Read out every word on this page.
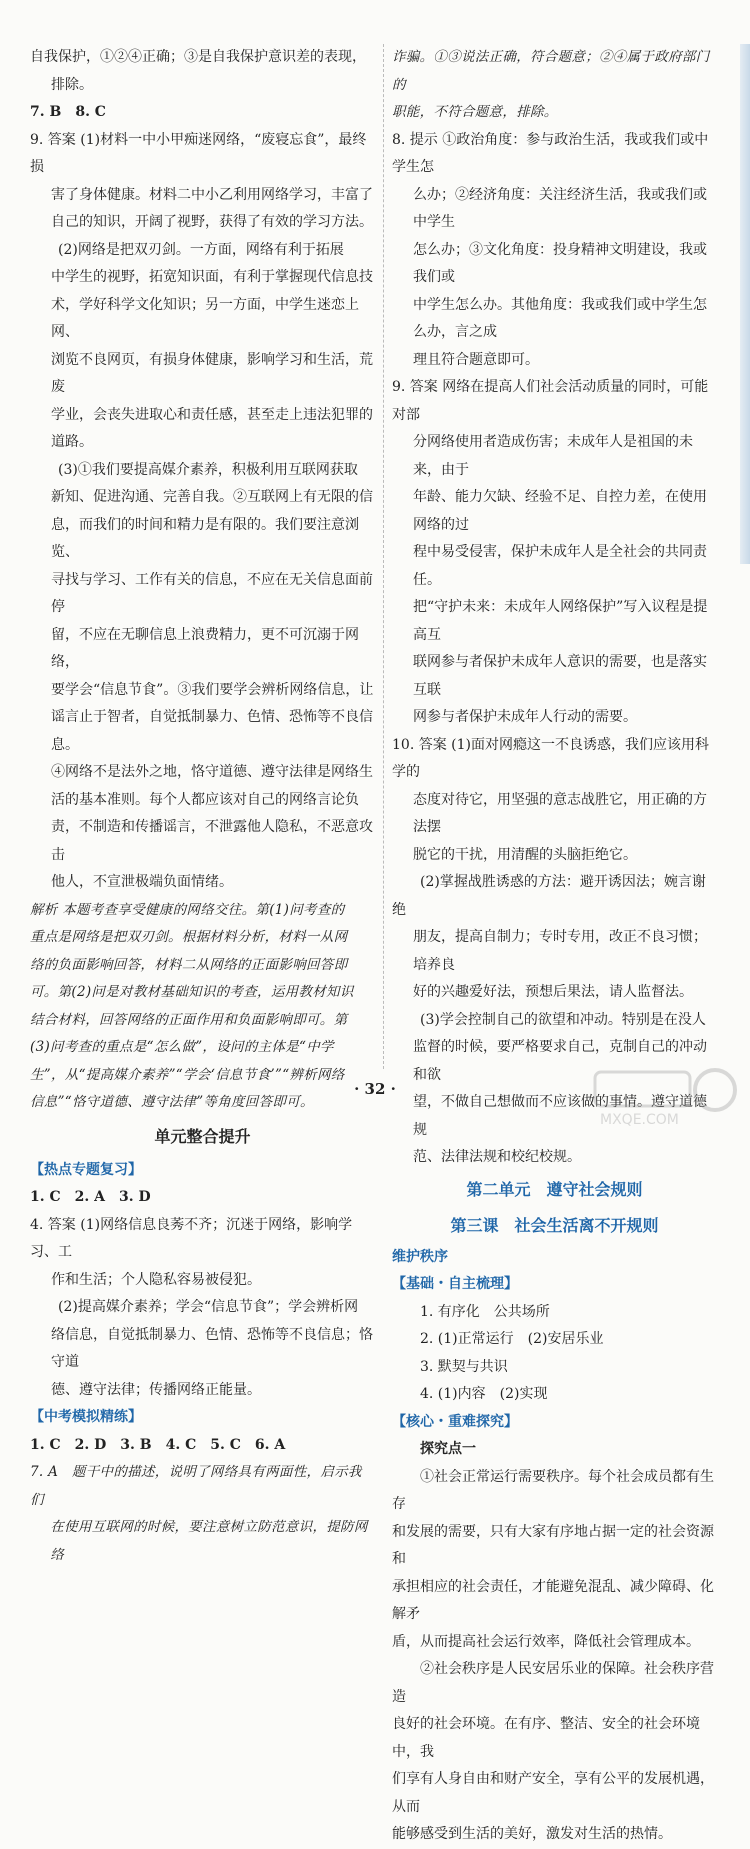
自我保护，①②④正确；③是自我保护意识差的表现，

排除。

7. B　8. C

9. 答案 (1)材料一中小甲痴迷网络，“废寝忘食”，最终损

害了身体健康。材料二中小乙利用网络学习，丰富了

自己的知识，开阔了视野，获得了有效的学习方法。

(2)网络是把双刃剑。一方面，网络有利于拓展

中学生的视野，拓宽知识面，有利于掌握现代信息技

术，学好科学文化知识；另一方面，中学生迷恋上网、

浏览不良网页，有损身体健康，影响学习和生活，荒废

学业，会丧失进取心和责任感，甚至走上违法犯罪的

道路。

(3)①我们要提高媒介素养，积极利用互联网获取

新知、促进沟通、完善自我。②互联网上有无限的信

息，而我们的时间和精力是有限的。我们要注意浏览、

寻找与学习、工作有关的信息，不应在无关信息面前停

留，不应在无聊信息上浪费精力，更不可沉溺于网络，

要学会“信息节食”。③我们要学会辨析网络信息，让

谣言止于智者，自觉抵制暴力、色情、恐怖等不良信息。

④网络不是法外之地，恪守道德、遵守法律是网络生

活的基本准则。每个人都应该对自己的网络言论负

责，不制造和传播谣言，不泄露他人隐私，不恶意攻击

他人，不宣泄极端负面情绪。

解析 本题考查享受健康的网络交往。第(1)问考查的

重点是网络是把双刃剑。根据材料分析，材料一从网

络的负面影响回答，材料二从网络的正面影响回答即

可。第(2)问是对教材基础知识的考查，运用教材知识

结合材料，回答网络的正面作用和负面影响即可。第

(3)问考查的重点是“怎么做”，设问的主体是“中学

生”，从“提高媒介素养”“学会‘信息节食’”“辨析网络

信息”“恪守道德、遵守法律”等角度回答即可。

单元整合提升

【热点专题复习】

1. C　2. A　3. D

4. 答案 (1)网络信息良莠不齐；沉迷于网络，影响学习、工

作和生活；个人隐私容易被侵犯。

(2)提高媒介素养；学会“信息节食”；学会辨析网

络信息，自觉抵制暴力、色情、恐怖等不良信息；恪守道

德、遵守法律；传播网络正能量。

【中考模拟精练】

1. C　2. D　3. B　4. C　5. C　6. A

7. A　题干中的描述，说明了网络具有两面性，启示我们

在使用互联网的时候，要注意树立防范意识，提防网络

诈骗。①③说法正确，符合题意；②④属于政府部门的

职能，不符合题意，排除。

8. 提示 ①政治角度：参与政治生活，我或我们或中学生怎

么办；②经济角度：关注经济生活，我或我们或中学生

怎么办；③文化角度：投身精神文明建设，我或我们或

中学生怎么办。其他角度：我或我们或中学生怎么办，言之成

理且符合题意即可。

9. 答案 网络在提高人们社会活动质量的同时，可能对部

分网络使用者造成伤害；未成年人是祖国的未来，由于

年龄、能力欠缺、经验不足、自控力差，在使用网络的过

程中易受侵害，保护未成年人是全社会的共同责任。

把“守护未来：未成年人网络保护”写入议程是提高互

联网参与者保护未成年人意识的需要，也是落实互联

网参与者保护未成年人行动的需要。

10. 答案 (1)面对网瘾这一不良诱惑，我们应该用科学的

态度对待它，用坚强的意志战胜它，用正确的方法摆

脱它的干扰，用清醒的头脑拒绝它。

(2)掌握战胜诱惑的方法：避开诱因法；婉言谢绝

朋友，提高自制力；专时专用，改正不良习惯；培养良

好的兴趣爱好法，预想后果法，请人监督法。

(3)学会控制自己的欲望和冲动。特别是在没人

监督的时候，要严格要求自己，克制自己的冲动和欲

望，不做自己想做而不应该做的事情。遵守道德规

范、法律法规和校纪校规。

第二单元　遵守社会规则

第三课　社会生活离不开规则

维护秩序

【基础・自主梳理】

1. 有序化　公共场所

2. (1)正常运行　(2)安居乐业

3. 默契与共识

4. (1)内容　(2)实现

【核心・重难探究】

探究点一

①社会正常运行需要秩序。每个社会成员都有生存

和发展的需要，只有大家有序地占据一定的社会资源和

承担相应的社会责任，才能避免混乱、减少障碍、化解矛

盾，从而提高社会运行效率，降低社会管理成本。

②社会秩序是人民安居乐业的保障。社会秩序营造

良好的社会环境。在有序、整洁、安全的社会环境中，我

们享有人身自由和财产安全，享有公平的发展机遇，从而

能够感受到生活的美好，激发对生活的热情。

· 32 ·
MXQE.COM
